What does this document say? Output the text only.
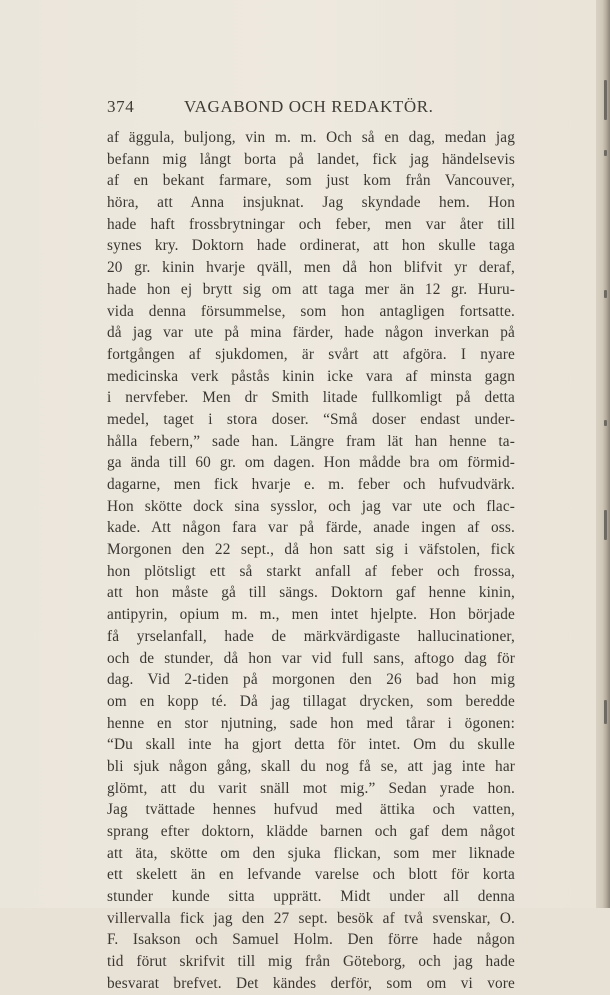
374	VAGABOND OCH REDAKTÖR.
af äggula, buljong, vin m. m. Och så en dag, medan jag
befann mig långt borta på landet, fick jag händelsevis
af en bekant farmare, som just kom från Vancouver,
höra, att Anna insjuknat. Jag skyndade hem. Hon
hade haft frossbrytningar och feber, men var åter till
synes kry. Doktorn hade ordinerat, att hon skulle taga
20 gr. kinin hvarje qväll, men då hon blifvit yr deraf,
hade hon ej brytt sig om att taga mer än 12 gr. Huru-
vida denna försummelse, som hon antagligen fortsatte.
då jag var ute på mina färder, hade någon inverkan på
fortgången af sjukdomen, är svårt att afgöra. I nyare
medicinska verk påstås kinin icke vara af minsta gagn
i nervfeber. Men dr Smith litade fullkomligt på detta
medel, taget i stora doser. “Små doser endast under-
hålla febern,” sade han. Längre fram lät han henne ta-
ga ända till 60 gr. om dagen. Hon mådde bra om förmid-
dagarne, men fick hvarje e. m. feber och hufvudvärk.
Hon skötte dock sina sysslor, och jag var ute och flac-
kade. Att någon fara var på färde, anade ingen af oss.
Morgonen den 22 sept., då hon satt sig i väfstolen, fick
hon plötsligt ett så starkt anfall af feber och frossa,
att hon måste gå till sängs. Doktorn gaf henne kinin,
antipyrin, opium m. m., men intet hjelpte. Hon började
få yrselanfall, hade de märkvärdigaste hallucinationer,
och de stunder, då hon var vid full sans, aftogo dag för
dag. Vid 2-tiden på morgonen den 26 bad hon mig
om en kopp té. Då jag tillagat drycken, som beredde
henne en stor njutning, sade hon med tårar i ögonen:
“Du skall inte ha gjort detta för intet. Om du skulle
bli sjuk någon gång, skall du nog få se, att jag inte har
glömt, att du varit snäll mot mig.” Sedan yrade hon.
Jag tvättade hennes hufvud med ättika och vatten,
sprang efter doktorn, klädde barnen och gaf dem något
att äta, skötte om den sjuka flickan, som mer liknade
ett skelett än en lefvande varelse och blott för korta
stunder kunde sitta upprätt. Midt under all denna
villervalla fick jag den 27 sept. besök af två svenskar, O.
F. Isakson och Samuel Holm. Den förre hade någon
tid förut skrifvit till mig från Göteborg, och jag hade
besvarat brefvet. Det kändes derför, som om vi vore
